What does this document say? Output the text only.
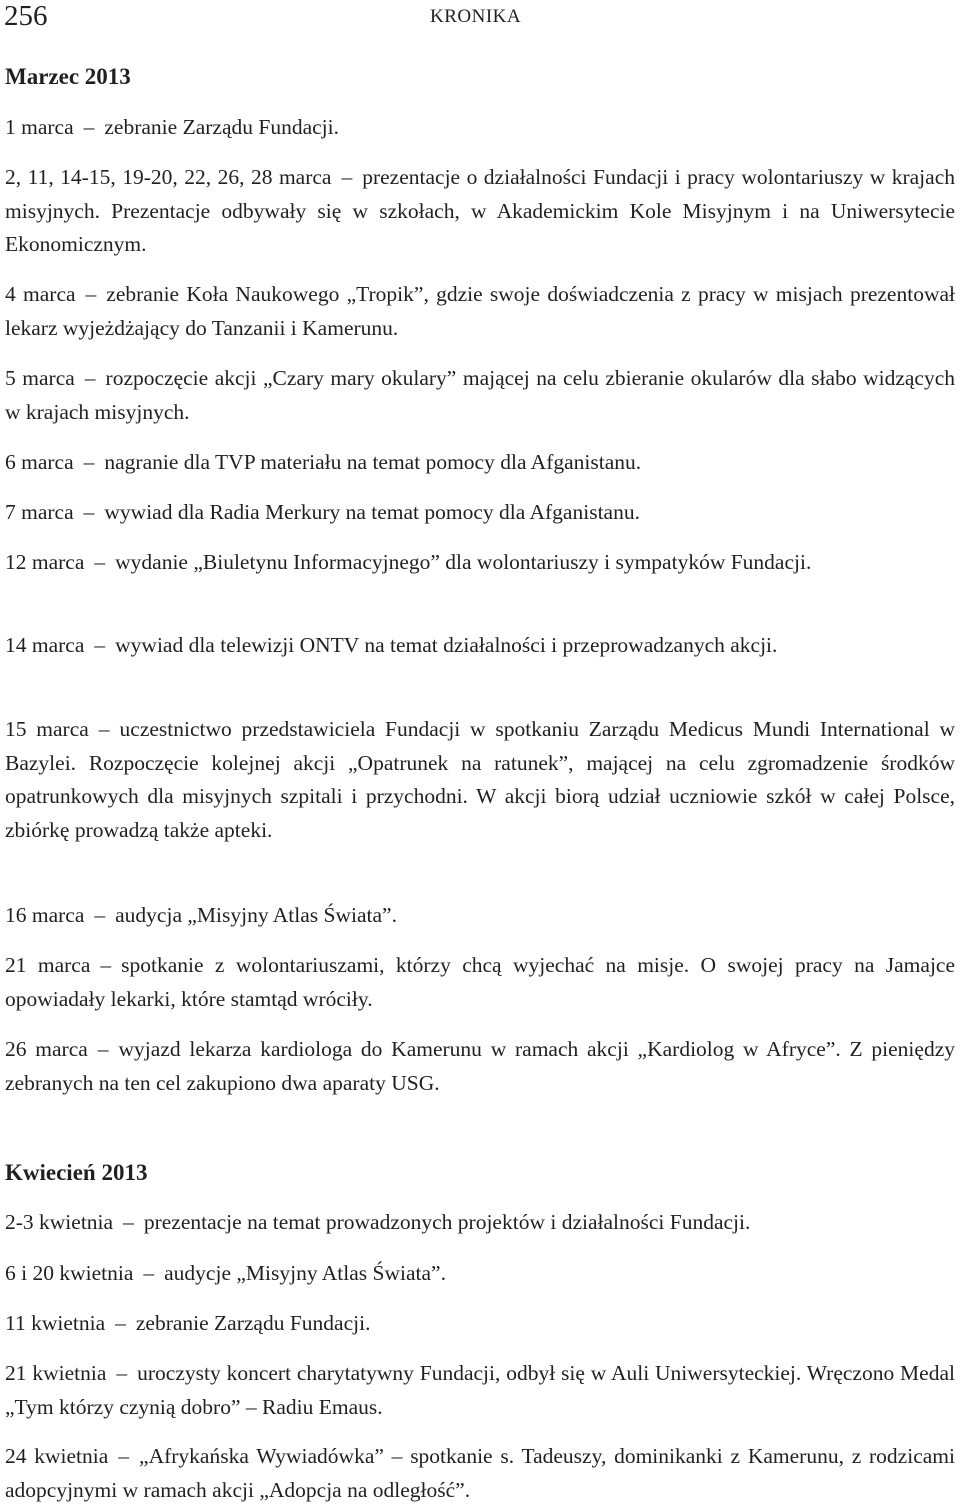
256	KRONIKA
Marzec 2013
1 marca – zebranie Zarządu Fundacji.
2, 11, 14-15, 19-20, 22, 26, 28 marca – prezentacje o działalności Fundacji i pracy wolontariuszy w krajach misyjnych. Prezentacje odbywały się w szkołach, w Akademickim Kole Misyjnym i na Uniwersytecie Ekonomicznym.
4 marca – zebranie Koła Naukowego „Tropik”, gdzie swoje doświadczenia z pracy w misjach prezentował lekarz wyjeżdżający do Tanzanii i Kamerunu.
5 marca – rozpoczęcie akcji „Czary mary okulary” mającej na celu zbieranie okularów dla słabo widzących w krajach misyjnych.
6 marca – nagranie dla TVP materiału na temat pomocy dla Afganistanu.
7 marca – wywiad dla Radia Merkury na temat pomocy dla Afganistanu.
12 marca – wydanie „Biuletynu Informacyjnego” dla wolontariuszy i sympatyków Fundacji.
14 marca – wywiad dla telewizji ONTV na temat działalności i przeprowadzanych akcji.
15 marca – uczestnictwo przedstawiciela Fundacji w spotkaniu Zarządu Medicus Mundi International w Bazylei. Rozpoczęcie kolejnej akcji „Opatrunek na ratunek”, mającej na celu zgromadzenie środków opatrunkowych dla misyjnych szpitali i przychodni. W akcji biorą udział uczniowie szkół w całej Polsce, zbiórkę prowadzą także apteki.
16 marca – audycja „Misyjny Atlas Świata”.
21 marca – spotkanie z wolontariuszami, którzy chcą wyjechać na misje. O swojej pracy na Jamajce opowiadały lekarki, które stamtąd wróciły.
26 marca – wyjazd lekarza kardiologa do Kamerunu w ramach akcji „Kardiolog w Afryce”. Z pieniędzy zebranych na ten cel zakupiono dwa aparaty USG.
Kwiecień 2013
2-3 kwietnia – prezentacje na temat prowadzonych projektów i działalności Fundacji.
6 i 20 kwietnia – audycje „Misyjny Atlas Świata”.
11 kwietnia – zebranie Zarządu Fundacji.
21 kwietnia – uroczysty koncert charytatywny Fundacji, odbył się w Auli Uniwersyteckiej. Wręczono Medal „Tym którzy czynią dobro” – Radiu Emaus.
24 kwietnia – „Afrykańska Wywiadówka” – spotkanie s. Tadeuszy, dominikanki z Kamerunu, z rodzicami adopcyjnymi w ramach akcji „Adopcja na odległość”.
